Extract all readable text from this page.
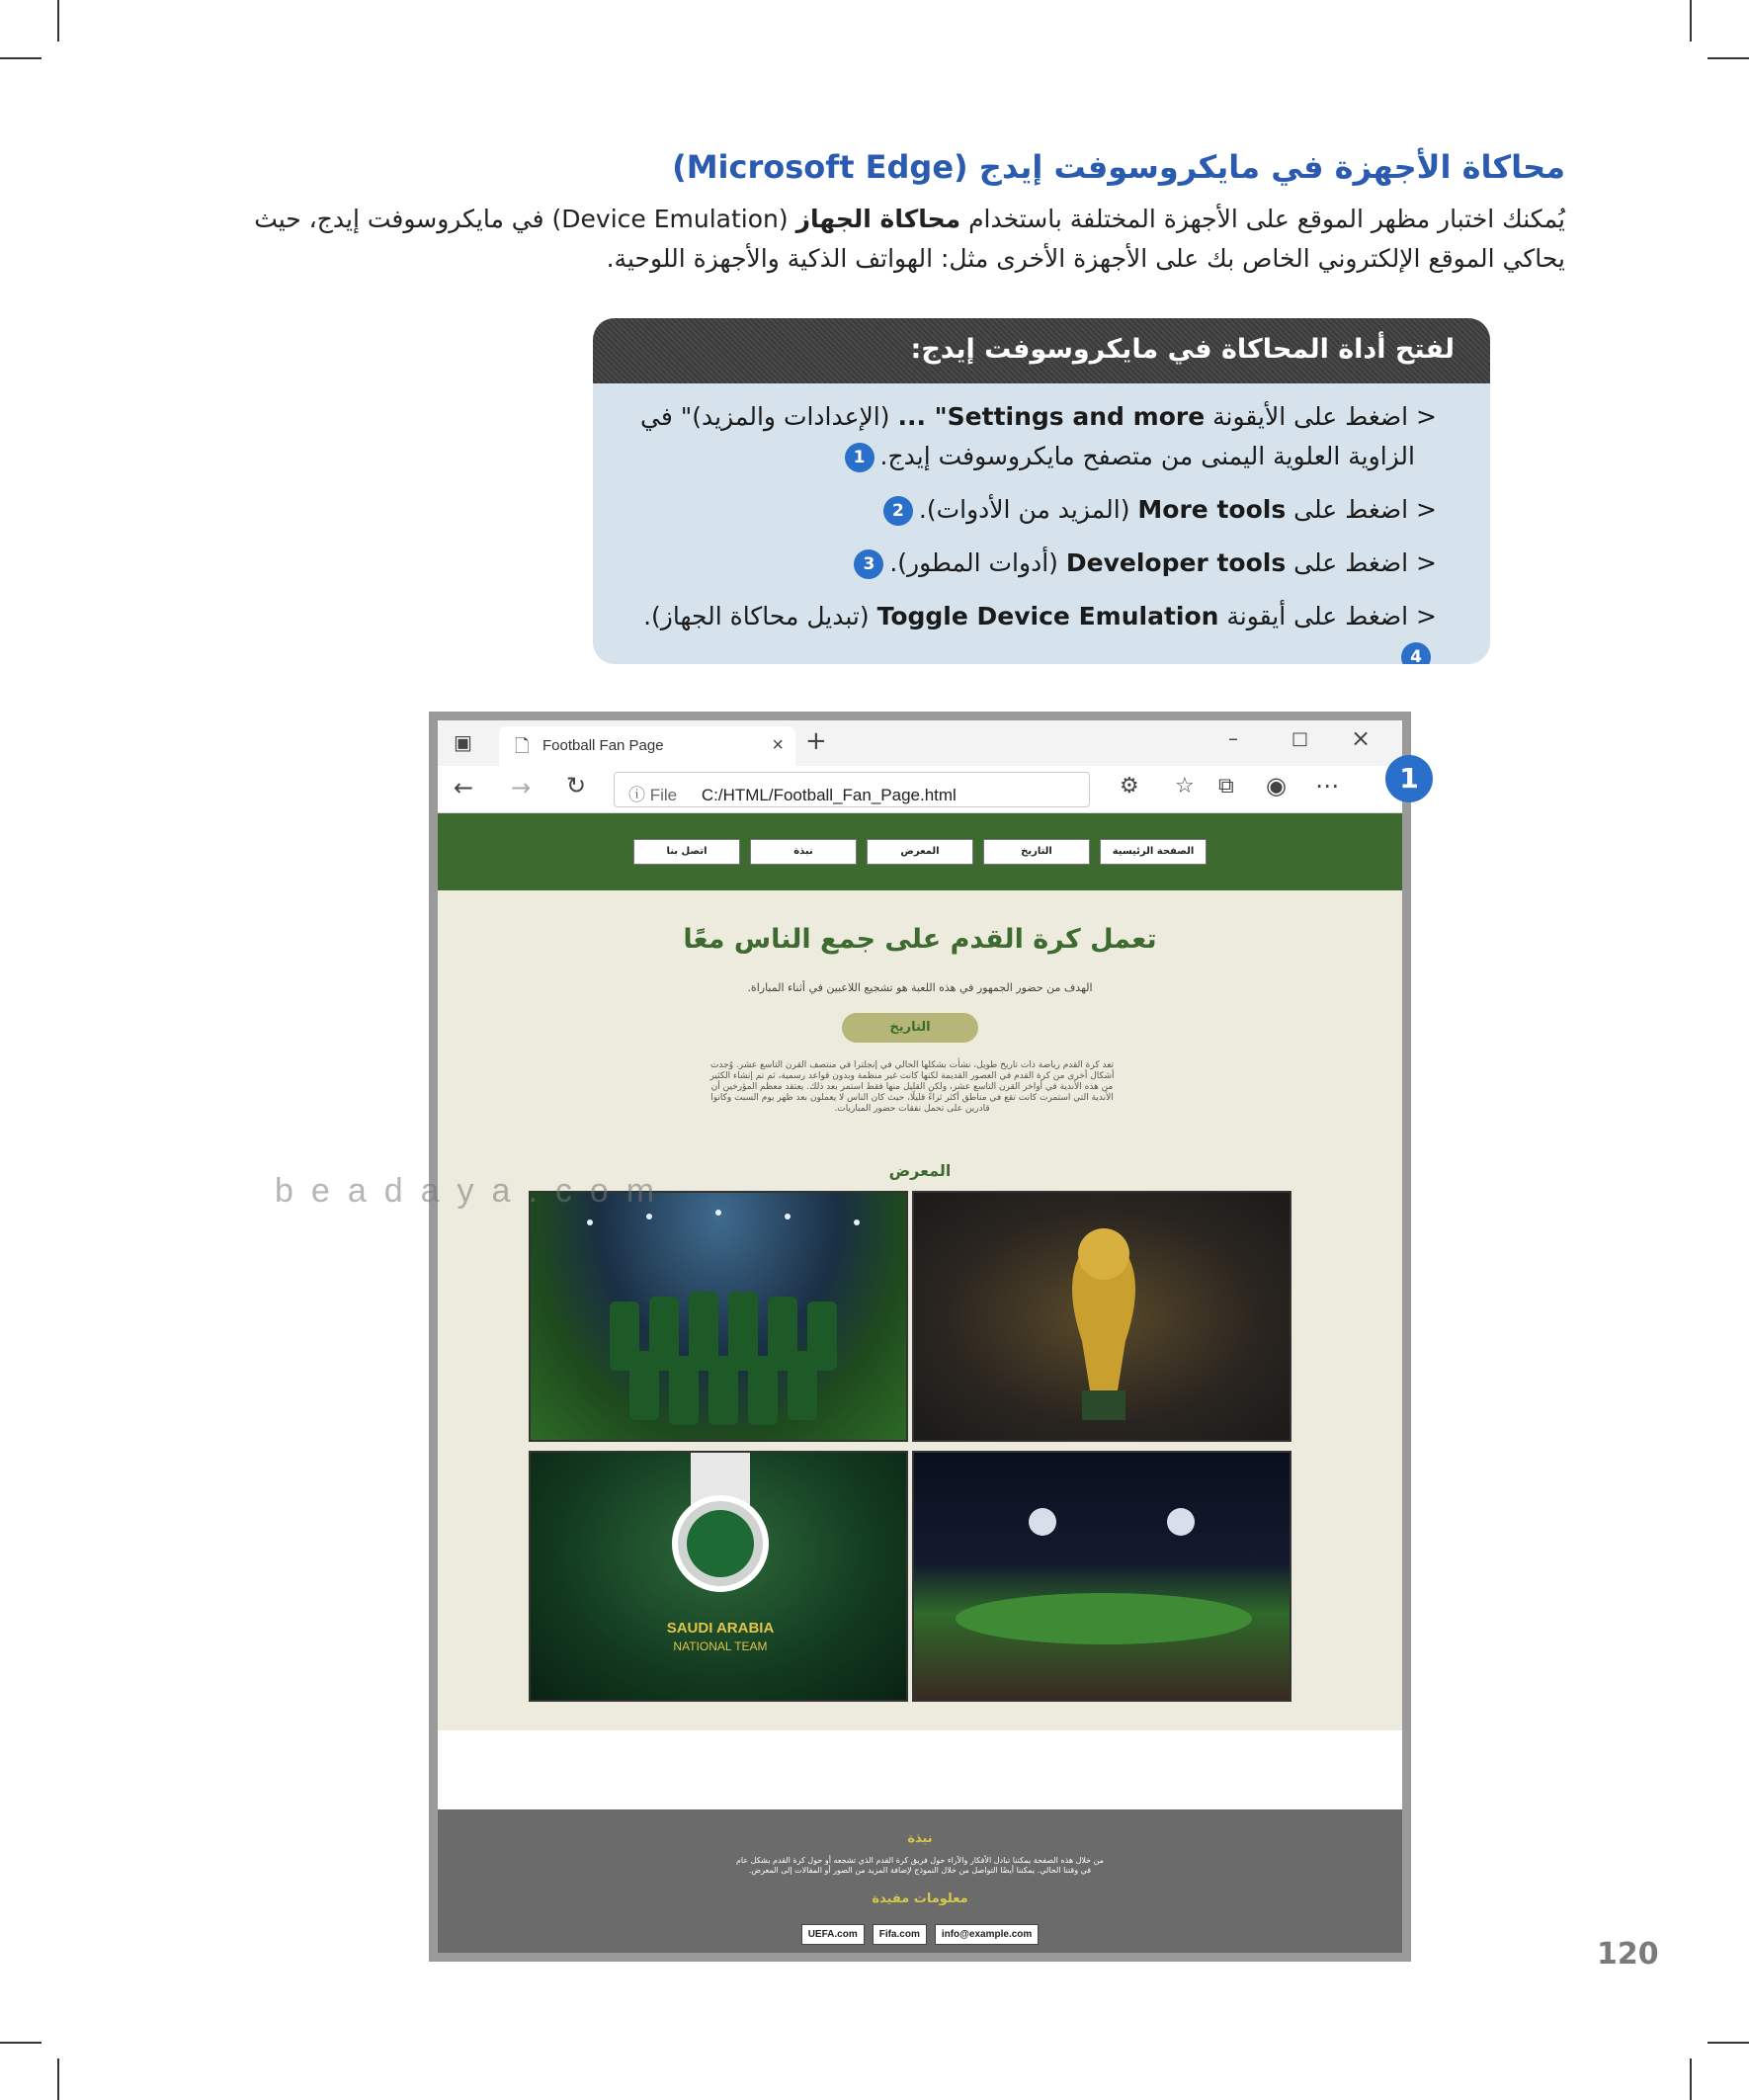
محاكاة الأجهزة في مايكروسوفت إيدج (Microsoft Edge)
يُمكنك اختبار مظهر الموقع على الأجهزة المختلفة باستخدام محاكاة الجهاز (Device Emulation) في مايكروسوفت إيدج، حيث
يحاكي الموقع الإلكتروني الخاص بك على الأجهزة الأخرى مثل: الهواتف الذكية والأجهزة اللوحية.
لفتح أداة المحاكاة في مايكروسوفت إيدج:
< اضغط على الأيقونة ... "Settings and more (الإعدادات والمزيد)" في
الزاوية العلوية اليمنى من متصفح مايكروسوفت إيدج.1
< اضغط على More tools (المزيد من الأدوات).2
< اضغط على Developer tools (أدوات المطور).3
< اضغط على أيقونة Toggle Device Emulation (تبديل محاكاة الجهاز).4
▣ 🗋 Football Fan Page	× +	–	□ ×
← → ↻	ⓘ File C:/HTML/Football_Fan_Page.html	⚙ ☆ ⧉ ◉ ⋯
الصفحة الرئيسية
التاريخ
المعرض
نبذة
اتصل بنا
تعمل كرة القدم على جمع الناس معًا
الهدف من حضور الجمهور في هذه اللعبة هو تشجيع اللاعبين في أثناء المباراة.
التاريخ
تعد كرة القدم رياضة ذات تاريخ طويل، نشأت بشكلها الحالي في إنجلترا في منتصف القرن التاسع عشر. وُجدت أشكال أخرى من كرة القدم في العصور القديمة لكنها كانت غير منظمة وبدون قواعد رسمية، ثم تم إنشاء الكثير من هذه الأندية في أواخر القرن التاسع عشر، ولكن القليل منها فقط استمر بعد ذلك. يعتقد معظم المؤرخين أن الأندية التي استمرت كانت تقع في مناطق أكثر ثراءً قليلًا، حيث كان الناس لا يعملون بعد ظهر يوم السبت وكانوا قادرين على تحمل نفقات حضور المباريات.
المعرض
SAUDI ARABIA
NATIONAL TEAM
نبذة
من خلال هذه الصفحة يمكننا تبادل الأفكار والآراء حول فريق كرة القدم الذي تشجعه أو حول كرة القدم بشكل عام في وقتنا الحالي. يمكننا أيضًا التواصل من خلال النموذج لإضافة المزيد من الصور أو المقالات إلى المعرض.
معلومات مفيدة
UEFA.com	Fifa.com	info@example.com
1
beadaya.com
120
